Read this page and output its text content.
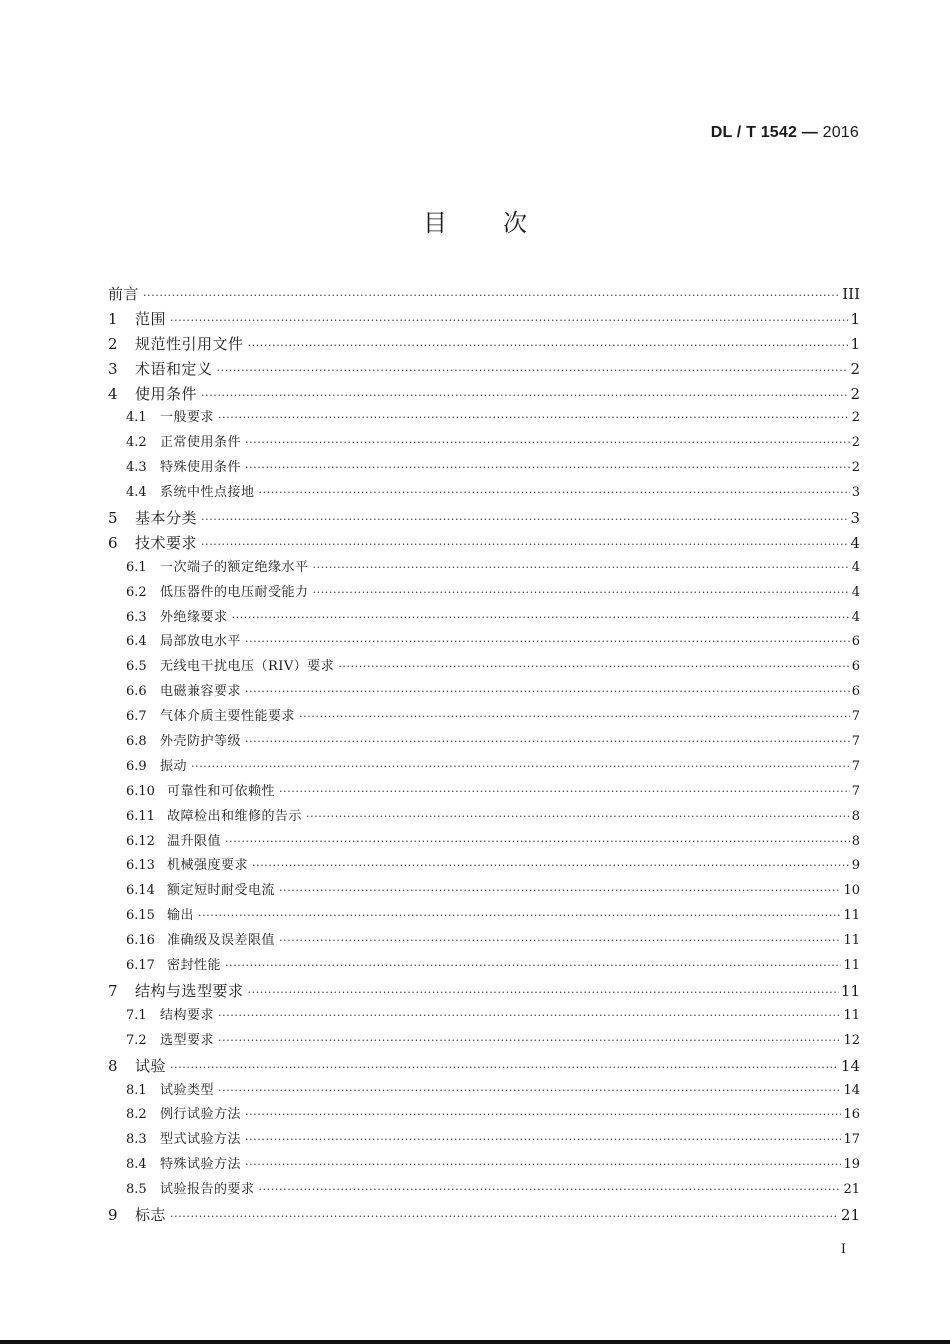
DL / T 1542 — 2016
目次
前言 ·····	III
1	范围 ·····	1
2	规范性引用文件 ·····	1
3	术语和定义 ·····	2
4	使用条件 ·····	2
4.1	一般要求 ·····	2
4.2	正常使用条件 ·····	2
4.3	特殊使用条件 ·····	2
4.4	系统中性点接地 ·····	3
5	基本分类 ·····	3
6	技术要求 ·····	4
6.1	一次端子的额定绝缘水平 ·····	4
6.2	低压器件的电压耐受能力 ·····	4
6.3	外绝缘要求 ·····	4
6.4	局部放电水平 ·····	6
6.5	无线电干扰电压（RIV）要求 ·····	6
6.6	电磁兼容要求 ·····	6
6.7	气体介质主要性能要求 ·····	7
6.8	外壳防护等级 ·····	7
6.9	振动 ·····	7
6.10 可靠性和可依赖性 ·····	7
6.11 故障检出和维修的告示 ·····	8
6.12 温升限值 ·····	8
6.13 机械强度要求 ·····	9
6.14 额定短时耐受电流 ·····	10
6.15 输出 ·····	11
6.16 准确级及误差限值 ·····	11
6.17 密封性能 ·····	11
7	结构与选型要求 ·····	11
7.1	结构要求 ·····	11
7.2	选型要求 ·····	12
8	试验 ·····	14
8.1	试验类型 ·····	14
8.2	例行试验方法 ·····	16
8.3	型式试验方法 ·····	17
8.4	特殊试验方法 ·····	19
8.5	试验报告的要求 ·····	21
9	标志 ·····	21
I
